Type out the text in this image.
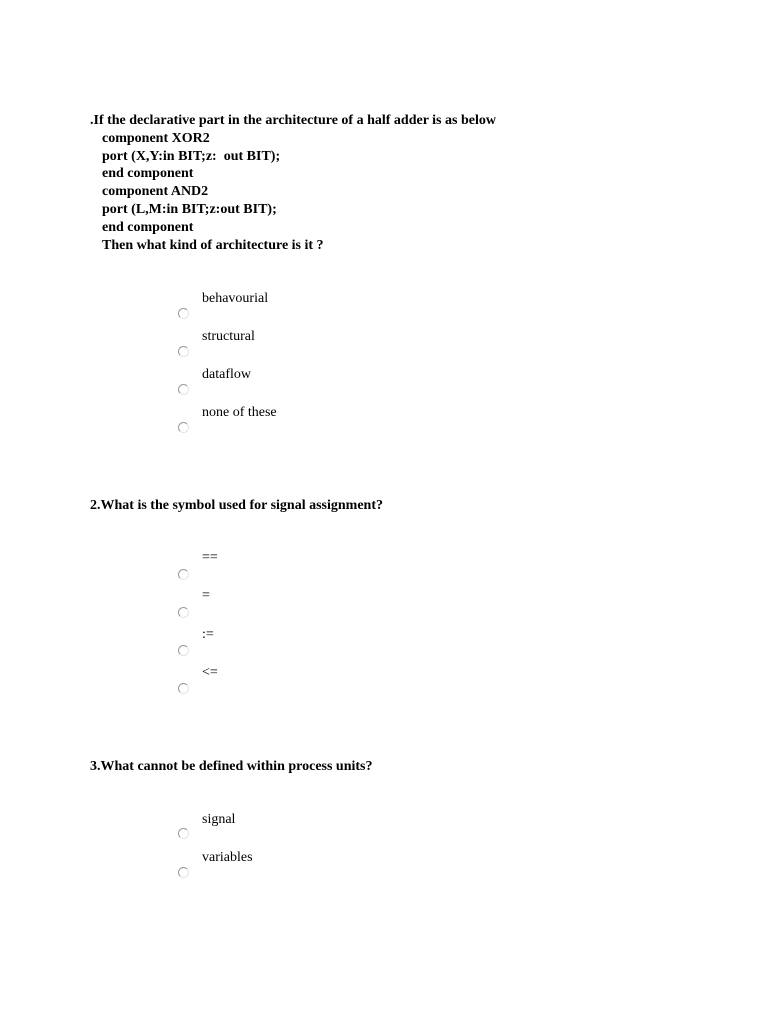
.If the declarative part in the architecture of a half adder is as below
component XOR2
port (X,Y:in BIT;z:  out BIT);
end component
component AND2
port (L,M:in BIT;z:out BIT);
end component
Then what kind of architecture is it ?
behavourial
structural
dataflow
none of these
2.What is the symbol used for signal assignment?
==
=
:=
<=
3.What cannot be defined within process units?
signal
variables
